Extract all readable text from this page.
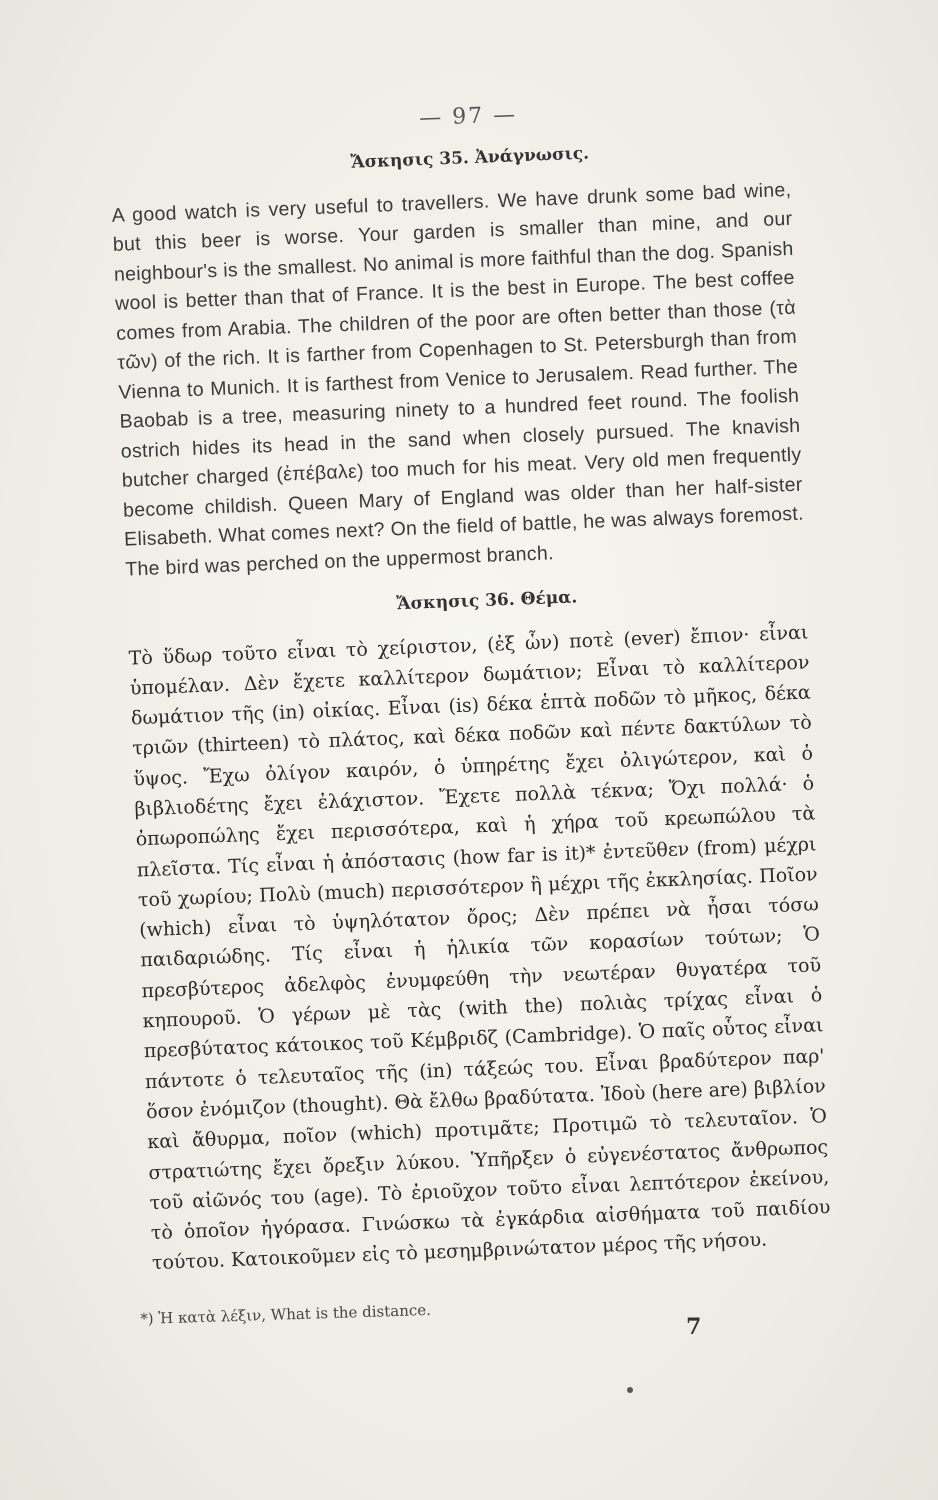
— 97 —
Ἄσκησις 35. Ἀνάγνωσις.

A good watch is very useful to travellers. We have drunk some bad wine, but this beer is worse. Your garden is smaller than mine, and our neighbour's is the smallest. No animal is more faithful than the dog. Spanish wool is better than that of France. It is the best in Europe. The best coffee comes from Arabia. The children of the poor are often better than those (τὰ τῶν) of the rich. It is farther from Copenhagen to St. Petersburgh than from Vienna to Munich. It is farthest from Venice to Jerusalem. Read further. The Baobab is a tree, measuring ninety to a hundred feet round. The foolish ostrich hides its head in the sand when closely pursued. The knavish butcher charged (ἐπέβαλε) too much for his meat. Very old men frequently become childish. Queen Mary of England was older than her half-sister Elisabeth. What comes next? On the field of battle, he was always foremost. The bird was perched on the uppermost branch.

Ἄσκησις 36. Θέμα.

Τὸ ὕδωρ τοῦτο εἶναι τὸ χείριστον, (ἐξ ὧν) ποτὲ (ever) ἔπιον· εἶναι ὑπομέλαν. Δὲν ἔχετε καλλίτερον δωμάτιον; Εἶναι τὸ καλλίτερον δωμάτιον τῆς (in) οἰκίας. Εἶναι (is) δέκα ἑπτὰ ποδῶν τὸ μῆκος, δέκα τριῶν (thirteen) τὸ πλάτος, καὶ δέκα ποδῶν καὶ πέντε δακτύλων τὸ ὕψος. Ἔχω ὀλίγον καιρόν, ὁ ὑπηρέτης ἔχει ὀλιγώτερον, καὶ ὁ βιβλιοδέτης ἔχει ἐλάχιστον. Ἔχετε πολλὰ τέκνα; Ὄχι πολλά· ὁ ὀπωροπώλης ἔχει περισσότερα, καὶ ἡ χήρα τοῦ κρεωπώλου τὰ πλεῖστα. Τίς εἶναι ἡ ἀπόστασις (how far is it)* ἐντεῦθεν (from) μέχρι τοῦ χωρίου; Πολὺ (much) περισσότερον ἢ μέχρι τῆς ἐκκλησίας. Ποῖον (which) εἶναι τὸ ὑψηλότατον ὄρος; Δὲν πρέπει νὰ ἦσαι τόσω παιδαριώδης. Τίς εἶναι ἡ ἡλικία τῶν κορασίων τούτων; Ὁ πρεσβύτερος ἀδελφὸς ἐνυμφεύθη τὴν νεωτέραν θυγατέρα τοῦ κηπουροῦ. Ὁ γέρων μὲ τὰς (with the) πολιὰς τρίχας εἶναι ὁ πρεσβύτατος κάτοικος τοῦ Κέμβριδζ (Cambridge). Ὁ παῖς οὗτος εἶναι πάντοτε ὁ τελευταῖος τῆς (in) τάξεώς του. Εἶναι βραδύτερον παρ' ὅσον ἐνόμιζον (thought). Θὰ ἔλθω βραδύτατα. Ἰδοὺ (here are) βιβλίον καὶ ἄθυρμα, ποῖον (which) προτιμᾶτε; Προτιμῶ τὸ τελευταῖον. Ὁ στρατιώτης ἔχει ὄρεξιν λύκου. Ὑπῆρξεν ὁ εὐγενέστατος ἄνθρωπος τοῦ αἰῶνός του (age). Τὸ ἐριοῦχον τοῦτο εἶναι λεπτότερον ἐκείνου, τὸ ὁποῖον ἠγόρασα. Γινώσκω τὰ ἐγκάρδια αἰσθήματα τοῦ παιδίου τούτου. Κατοικοῦμεν εἰς τὸ μεσημβρινώτατον μέρος τῆς νήσου.

*) Ἡ κατὰ λέξιν, What is the distance.	7
